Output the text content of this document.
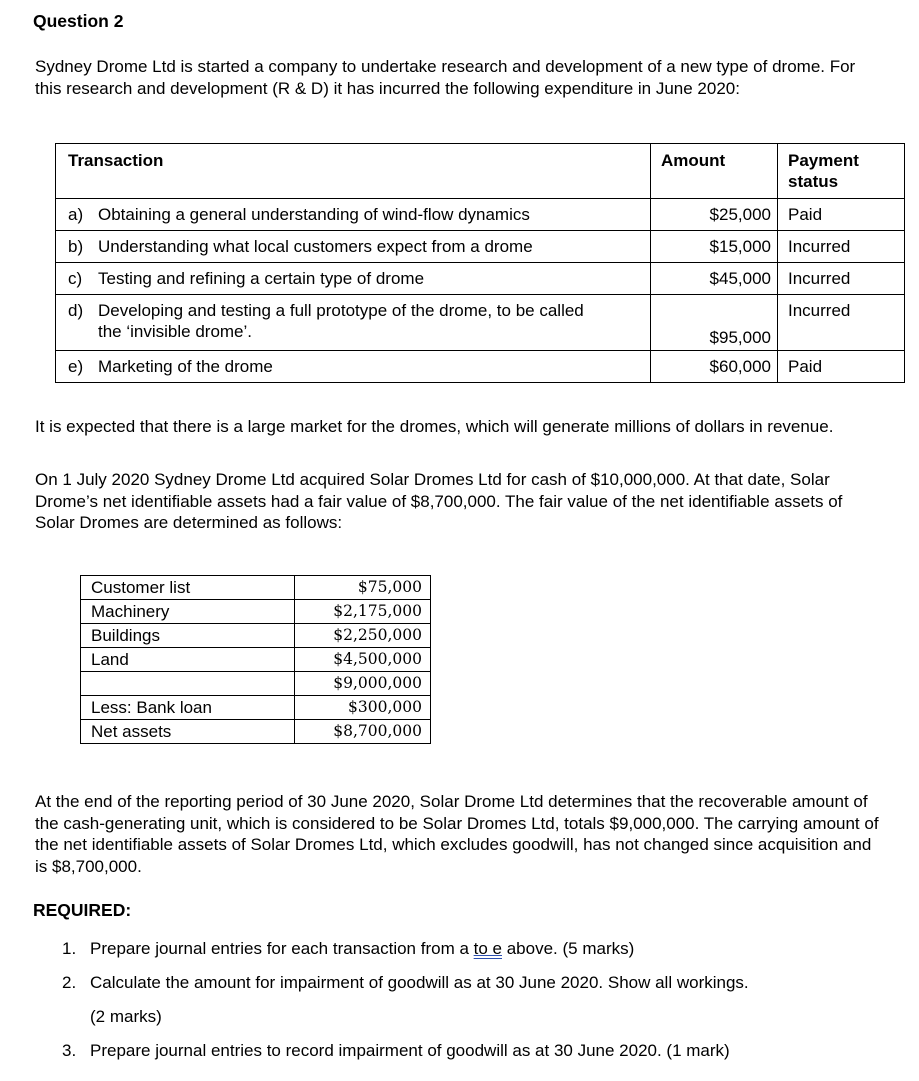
Question 2
Sydney Drome Ltd is started a company to undertake research and development of a new type of drome. For this research and development (R & D) it has incurred the following expenditure in June 2020:
Transaction	Amount	Payment status

a) Obtaining a general understanding of wind-flow dynamics	$25,000	Paid

b) Understanding what local customers expect from a drome	$15,000	Incurred

c) Testing and refining a certain type of drome	$45,000	Incurred

d) Developing and testing a full prototype of the drome, to be called the ‘invisible drome’.	$95,000	Incurred

e) Marketing of the drome	$60,000	Paid
It is expected that there is a large market for the dromes, which will generate millions of dollars in revenue.
On 1 July 2020 Sydney Drome Ltd acquired Solar Dromes Ltd for cash of $10,000,000. At that date, Solar Drome’s net identifiable assets had a fair value of $8,700,000. The fair value of the net identifiable assets of Solar Dromes are determined as follows:
Customer list	$75,000
Machinery	$2,175,000
Buildings	$2,250,000
Land	$4,500,000
	$9,000,000
Less: Bank loan	$300,000
Net assets	$8,700,000
At the end of the reporting period of 30 June 2020, Solar Drome Ltd determines that the recoverable amount of the cash-generating unit, which is considered to be Solar Dromes Ltd, totals $9,000,000. The carrying amount of the net identifiable assets of Solar Dromes Ltd, which excludes goodwill, has not changed since acquisition and is $8,700,000.
REQUIRED:
1. Prepare journal entries for each transaction from a to e above. (5 marks)
2. Calculate the amount for impairment of goodwill as at 30 June 2020. Show all workings.
(2 marks)
3. Prepare journal entries to record impairment of goodwill as at 30 June 2020. (1 mark)
